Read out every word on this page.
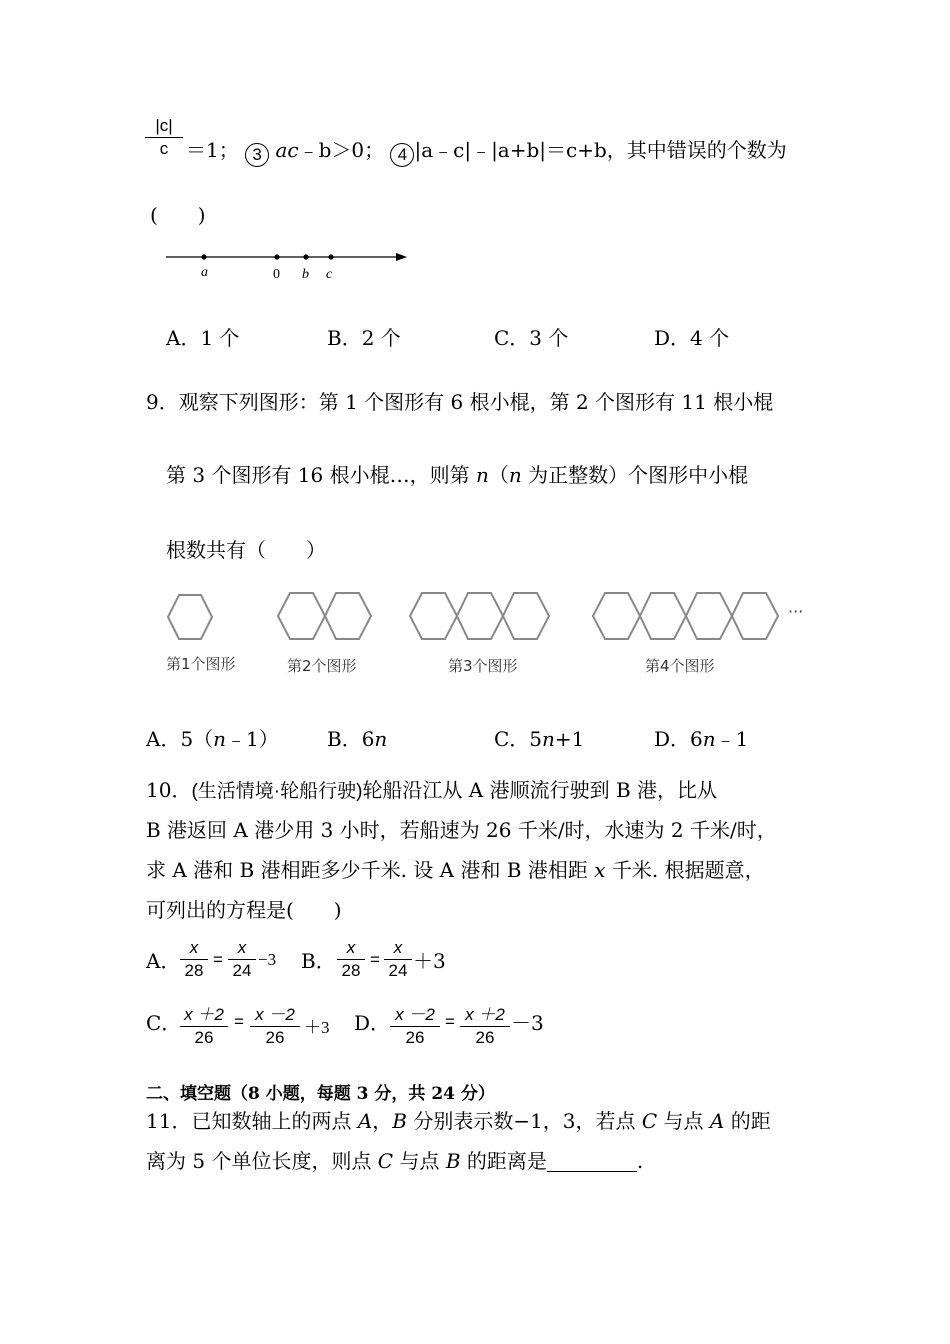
$\frac{|c|}{c} =1$； 3 ac﹣b＞0； 4 |a﹣c|﹣|a+b|＝c+b，其中错误的个数为
(　　)
a	0 b c
A．1 个	B．2 个	C．3 个	D．4 个
9．观察下列图形：第 1 个图形有 6 根小棍，第 2 个图形有 11 根小棍
第 3 个图形有 16 根小棍…，则第 n（n 为正整数）个图形中小棍
根数共有（　　）
···
第1个图形	第2个图形	第3个图形	第4个图形
A．5（n﹣1） B．6n	C．5n+1	D．6n﹣1
10．(生活情境·轮船行驶)轮船沿江从 A 港顺流行驶到 B 港，比从
B 港返回 A 港少用 3 小时，若船速为 26 千米/时，水速为 2 千米/时，
求 A 港和 B 港相距多少千米. 设 A 港和 B 港相距 x 千米. 根据题意，
可列出的方程是(　　)
A． $\frac{x}{28} = \frac{x}{24} -3$ B． $\frac{x}{28} = \frac{x}{24} +3$
C．
$\frac{x +2}{26} = \frac{x -2}{26} +3$ D． $\frac{x -2}{26} = \frac{x +2}{26} -3$
二、填空题（8 小题，每题 3 分，共 24 分）
11．已知数轴上的两点 A，B 分别表示数−1，3，若点 C 与点 A 的距
离为 5 个单位长度，则点 C 与点 B 的距离是	.
